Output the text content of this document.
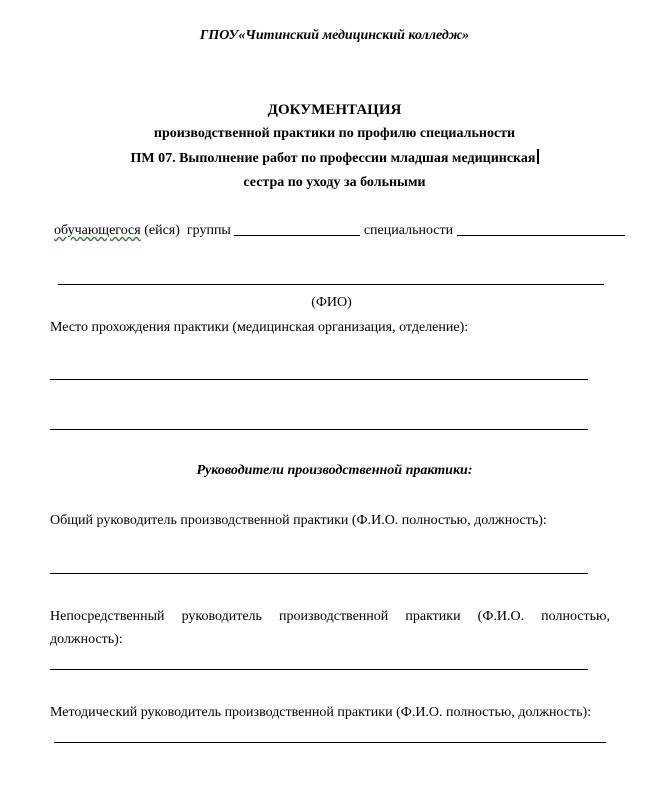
ГПОУ«Читинский медицинский колледж»
ДОКУМЕНТАЦИЯ
производственной практики по профилю специальности
ПМ 07. Выполнение работ по профессии младшая медицинская
сестра по уходу за больными
обучающегося (ейся) группы	специальности
(ФИО)
Место прохождения практики (медицинская организация, отделение):
Руководители производственной практики:
Общий руководитель производственной практики (Ф.И.О. полностью, должность):
Непосредственный руководитель производственной практики (Ф.И.О. полностью,
должность):
Методический руководитель производственной практики (Ф.И.О. полностью, должность):
